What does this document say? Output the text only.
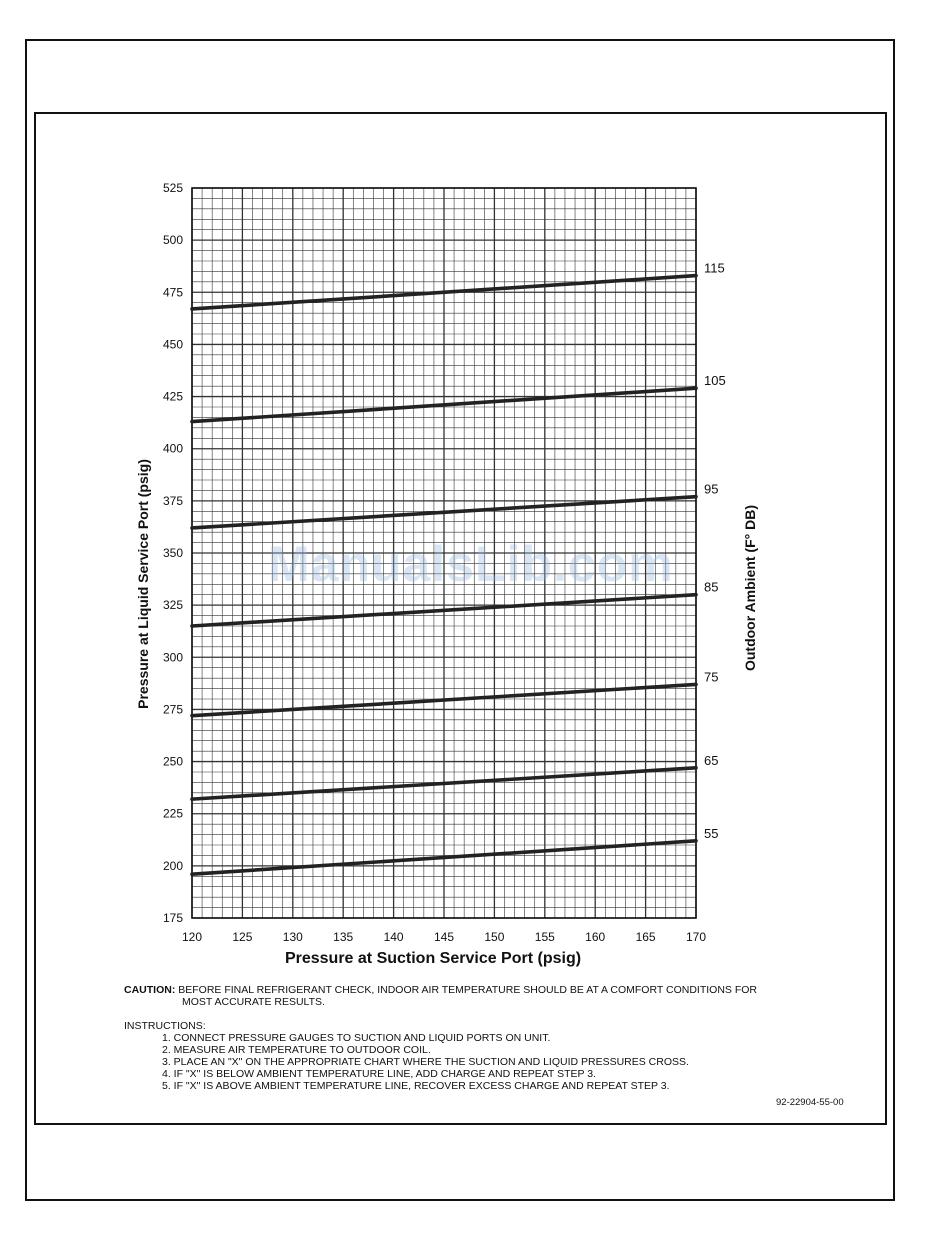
115
105
95
85
75
65
55
120	125	130	135	140	145	150	155	160	165	170
175
200
225
250
275
300
325
350
375
400
425
450
475
500
525
Pressure at Suction Service Port (psig)
Pressure at Liquid Service Port (psig)	Outdoor Ambient (F° DB)
ManualsLib.com
CAUTION: BEFORE FINAL REFRIGERANT CHECK, INDOOR AIR TEMPERATURE SHOULD BE AT A COMFORT CONDITIONS FOR
MOST ACCURATE RESULTS.
INSTRUCTIONS:
1. CONNECT PRESSURE GAUGES TO SUCTION AND LIQUID PORTS ON UNIT.
2. MEASURE AIR TEMPERATURE TO OUTDOOR COIL.
3. PLACE AN "X" ON THE APPROPRIATE CHART WHERE THE SUCTION AND LIQUID PRESSURES CROSS.
4. IF "X" IS BELOW AMBIENT TEMPERATURE LINE, ADD CHARGE AND REPEAT STEP 3.
5. IF "X" IS ABOVE AMBIENT TEMPERATURE LINE, RECOVER EXCESS CHARGE AND REPEAT STEP 3.
92-22904-55-00
